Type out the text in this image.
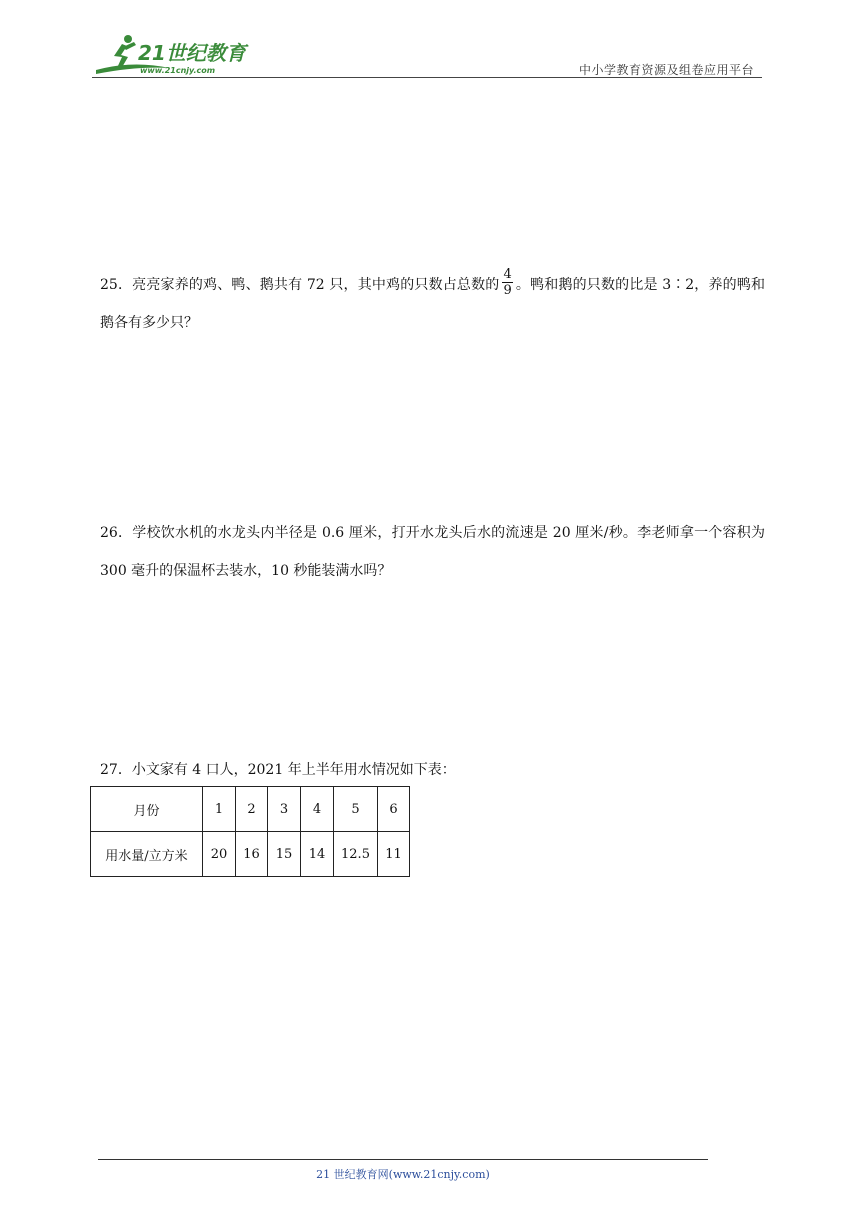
21世纪教育
www.21cnjy.com	中小学教育资源及组卷应用平台
25．亮亮家养的鸡、鸭、鹅共有 72 只，其中鸡的只数占总数的 $\frac{4}{9}$ 。鸭和鹅的只数的比是 3∶2，养的鸭和鹅各有多少只？
26．学校饮水机的水龙头内半径是 0.6 厘米，打开水龙头后水的流速是 20 厘米/秒。李老师拿一个容积为 300 毫升的保温杯去装水，10 秒能装满水吗？
27．小文家有 4 口人，2021 年上半年用水情况如下表：
月份	1	2	3	4	5	6
用水量/立方米	20	16	15	14	12.5	11
21 世纪教育网(www.21cnjy.com)
